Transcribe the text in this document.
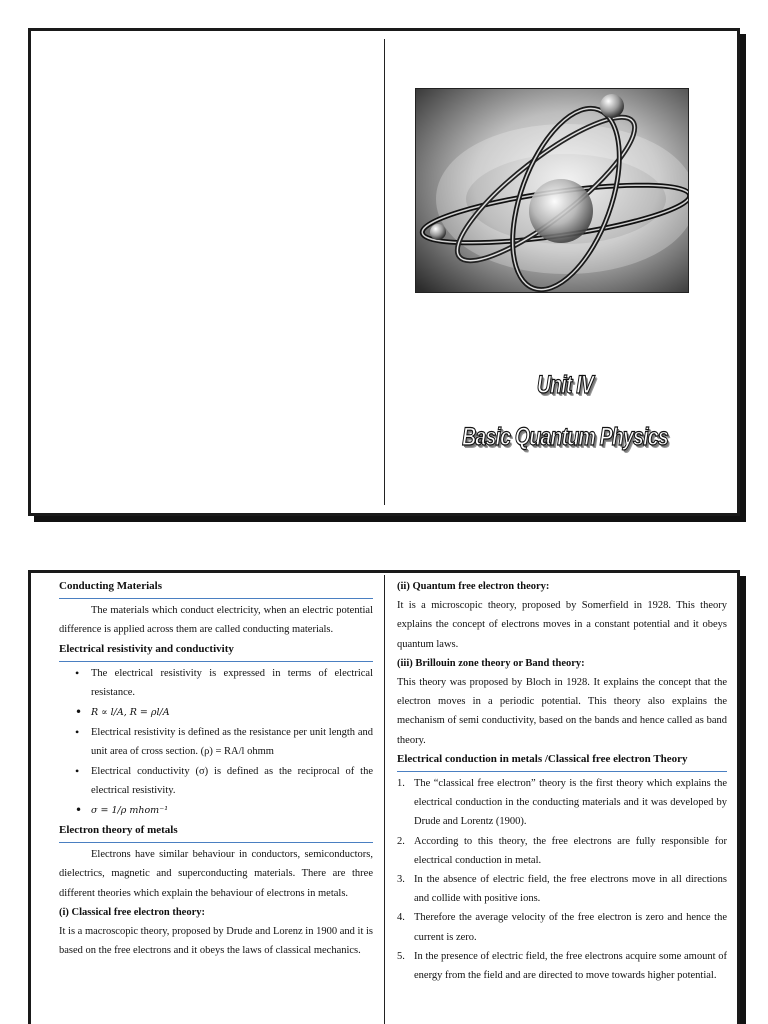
Unit IV
Basic Quantum Physics
Conducting Materials
The materials which conduct electricity, when an electric potential difference is applied across them are called conducting materials.
Electrical resistivity and conductivity
• The electrical resistivity is expressed in terms of electrical resistance.
• R ∝ l/A, R = ρl/A
• Electrical resistivity is defined as the resistance per unit length and unit area of cross section. (ρ) = RA/l ohmm
• Electrical conductivity (σ) is defined as the reciprocal of the electrical resistivity.
• σ = 1/ρ mhom⁻¹
Electron theory of metals
Electrons have similar behaviour in conductors, semiconductors, dielectrics, magnetic and superconducting materials. There are three different theories which explain the behaviour of electrons in metals.
(i) Classical free electron theory:
It is a macroscopic theory, proposed by Drude and Lorenz in 1900 and it is based on the free electrons and it obeys the laws of classical mechanics.
(ii) Quantum free electron theory:
It is a microscopic theory, proposed by Somerfield in 1928. This theory explains the concept of electrons moves in a constant potential and it obeys quantum laws.
(iii) Brillouin zone theory or Band theory:
This theory was proposed by Bloch in 1928. It explains the concept that the electron moves in a periodic potential. This theory also explains the mechanism of semi conductivity, based on the bands and hence called as band theory.
Electrical conduction in metals /Classical free electron Theory
1. The “classical free electron” theory is the first theory which explains the electrical conduction in the conducting materials and it was developed by Drude and Lorentz (1900).
2. According to this theory, the free electrons are fully responsible for electrical conduction in metal.
3. In the absence of electric field, the free electrons move in all directions and collide with positive ions.
4. Therefore the average velocity of the free electron is zero and hence the current is zero.
5. In the presence of electric field, the free electrons acquire some amount of energy from the field and are directed to move towards higher potential.
